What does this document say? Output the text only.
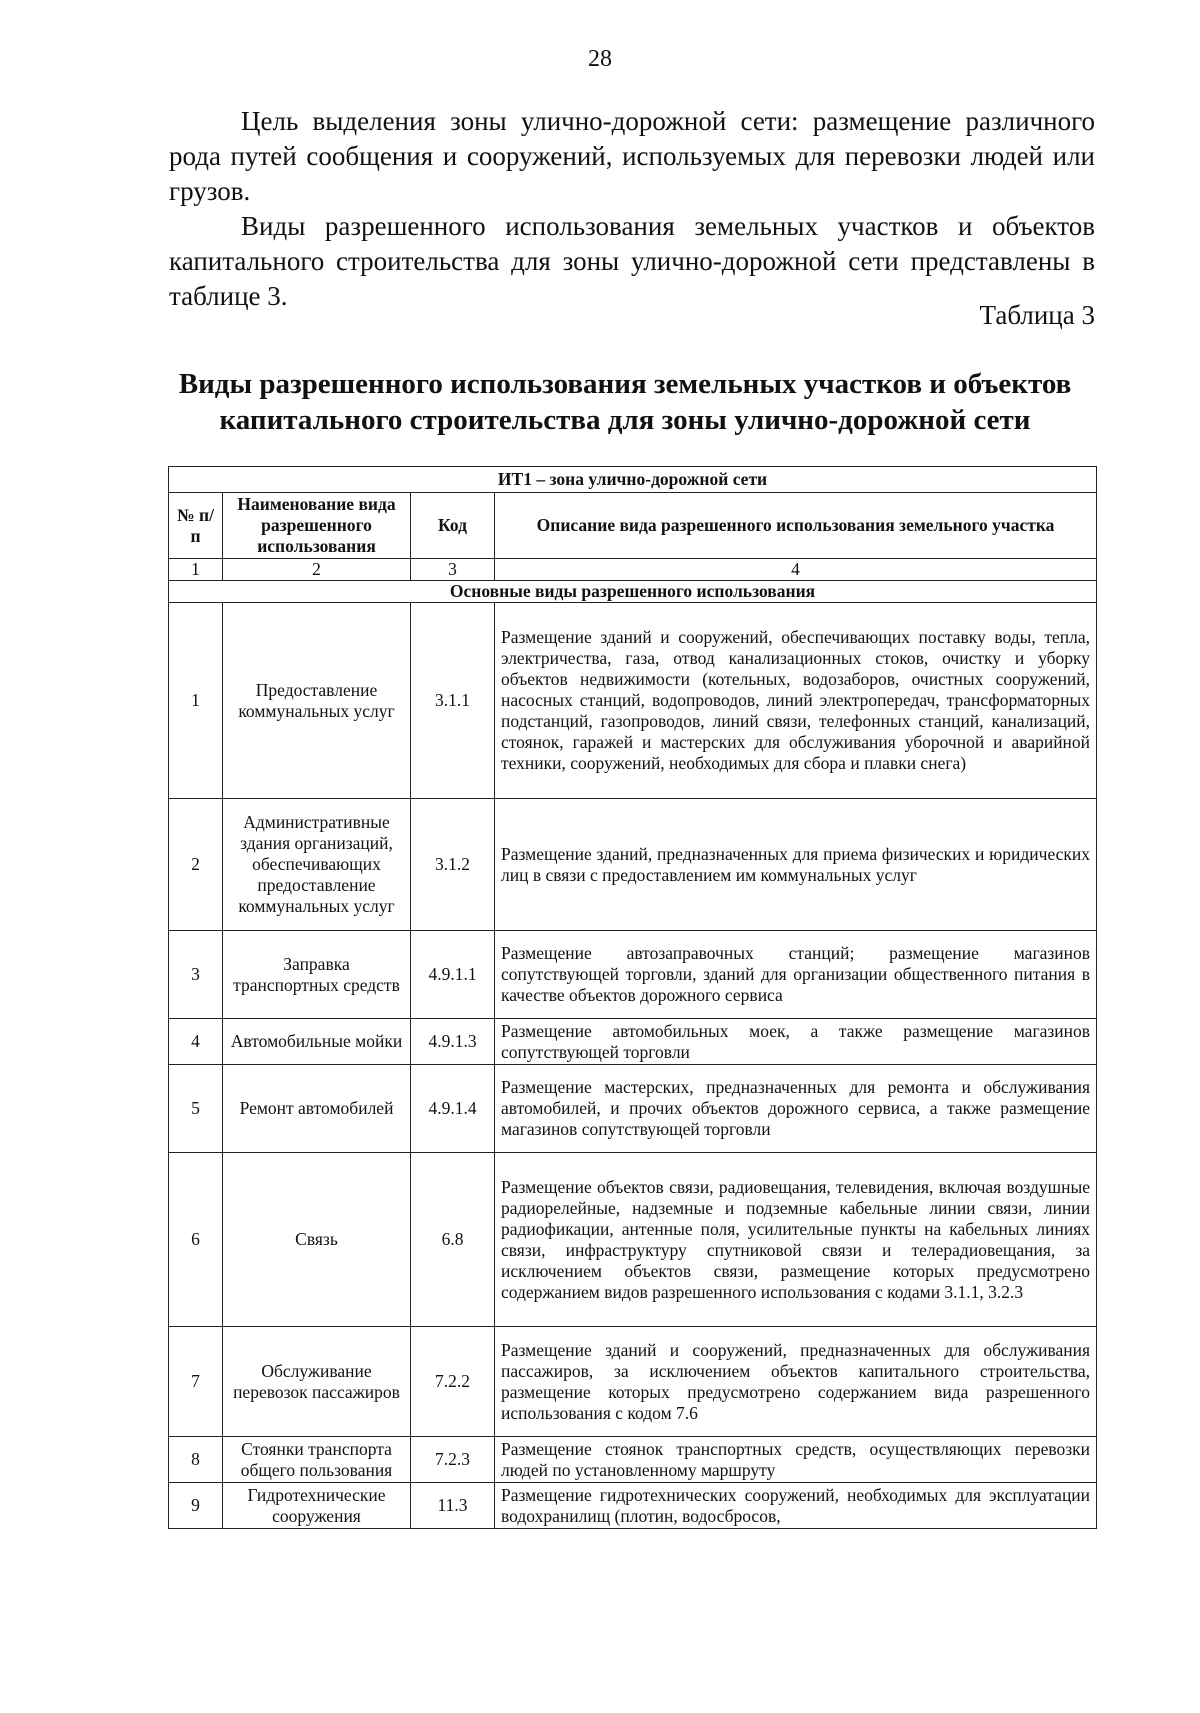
28

Цель выделения зоны улично-дорожной сети: размещение различного рода путей сообщения и сооружений, используемых для перевозки людей или грузов.

Виды разрешенного использования земельных участков и объектов капитального строительства для зоны улично-дорожной сети представлены в таблице 3.

Таблица 3
Виды разрешенного использования земельных участков и объектов
капитального строительства для зоны улично-дорожной сети
ИТ1 – зона улично-дорожной сети			
№ п/п	Наименование вида разрешенного использования	Код	Описание вида разрешенного использования земельного участка
1	2	3	4
Основные виды разрешенного использования			
1	Предоставление коммунальных услуг	3.1.1	Размещение зданий и сооружений, обеспечивающих поставку воды, тепла, электричества, газа, отвод канализационных стоков, очистку и уборку объектов недвижимости (котельных, водозаборов, очистных сооружений, насосных станций, водопроводов, линий электропередач, трансформаторных подстанций, газопроводов, линий связи, телефонных станций, канализаций, стоянок, гаражей и мастерских для обслуживания уборочной и аварийной техники, сооружений, необходимых для сбора и плавки снега)
2	Административные здания организаций, обеспечивающих предоставление коммунальных услуг	3.1.2	Размещение зданий, предназначенных для приема физических и юридических лиц в связи с предоставлением им коммунальных услуг
3	Заправка транспортных средств	4.9.1.1	Размещение автозаправочных станций; размещение магазинов сопутствующей торговли, зданий для организации общественного питания в качестве объектов дорожного сервиса
4	Автомобильные мойки	4.9.1.3	Размещение автомобильных моек, а также размещение магазинов сопутствующей торговли
5	Ремонт автомобилей	4.9.1.4	Размещение мастерских, предназначенных для ремонта и обслуживания автомобилей, и прочих объектов дорожного сервиса, а также размещение магазинов сопутствующей торговли
6	Связь	6.8	Размещение объектов связи, радиовещания, телевидения, включая воздушные радиорелейные, надземные и подземные кабельные линии связи, линии радиофикации, антенные поля, усилительные пункты на кабельных линиях связи, инфраструктуру спутниковой связи и телерадиовещания, за исключением объектов связи, размещение которых предусмотрено содержанием видов разрешенного использования с кодами 3.1.1, 3.2.3
7	Обслуживание перевозок пассажиров	7.2.2	Размещение зданий и сооружений, предназначенных для обслуживания пассажиров, за исключением объектов капитального строительства, размещение которых предусмотрено содержанием вида разрешенного использования с кодом 7.6
8	Стоянки транспорта общего пользования	7.2.3	Размещение стоянок транспортных средств, осуществляющих перевозки людей по установленному маршруту
9	Гидротехнические сооружения	11.3	Размещение гидротехнических сооружений, необходимых для эксплуатации водохранилищ (плотин, водосбросов,
